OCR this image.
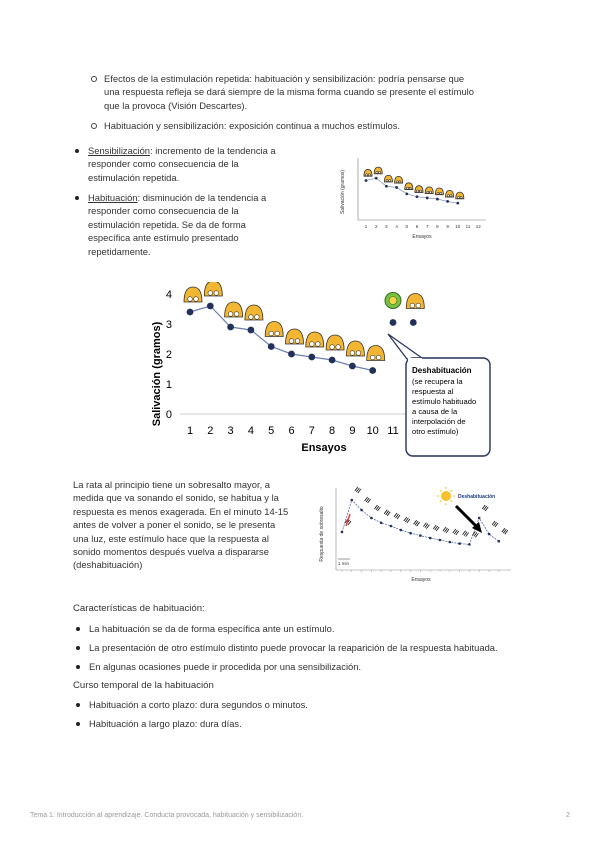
Efectos de la estimulación repetida: habituación y sensibilización: podría pensarse que
una respuesta refleja se dará siempre de la misma forma cuando se presente el estímulo
que la provoca (Visión Descartes).
Habituación y sensibilización: exposición continua a muchos estímulos.
Sensibilización: incremento de la tendencia a
responder como consecuencia de la
estimulación repetida.
Habituación: disminución de la tendencia a
responder como consecuencia de la
estimulación repetida. Se da de forma
específica ante estímulo presentado
repetidamente.
Salivación (gramos)
1 2 3 4 5 6 7 8 9 10 11 12
Ensayos
Salivación (gramos) 0
1
2
3
4
1 2 3 4 5 6 7 8 9 10 11
Ensayos
Deshabituación
(se recupera la
respuesta al
estímulo habituado
a causa de la
interpolación de
otro estímulo)
La rata al principio tiene un sobresalto mayor, a
medida que va sonando el sonido, se habitua y la
respuesta es menos exagerada. En el minuto 14-15
antes de volver a poner el sonido, se le presenta
una luz, este estímulo hace que la respuesta al
sonido momentos después vuelva a dispararse
(deshabituación)
Respuesta de sobresalto
Deshabituación
1 min
Ensayos
Características de habituación:
La habituación se da de forma específica ante un estímulo.
La presentación de otro estímulo distinto puede provocar la reaparición de la respuesta habituada.
En algunas ocasiones puede ir procedida por una sensibilización.
Curso temporal de la habituación
Habituación a corto plazo: dura segundos o minutos.
Habituación a largo plazo: dura días.
Tema 1: Introducción al aprendizaje. Conducta provocada, habituación y sensibilización.	2
